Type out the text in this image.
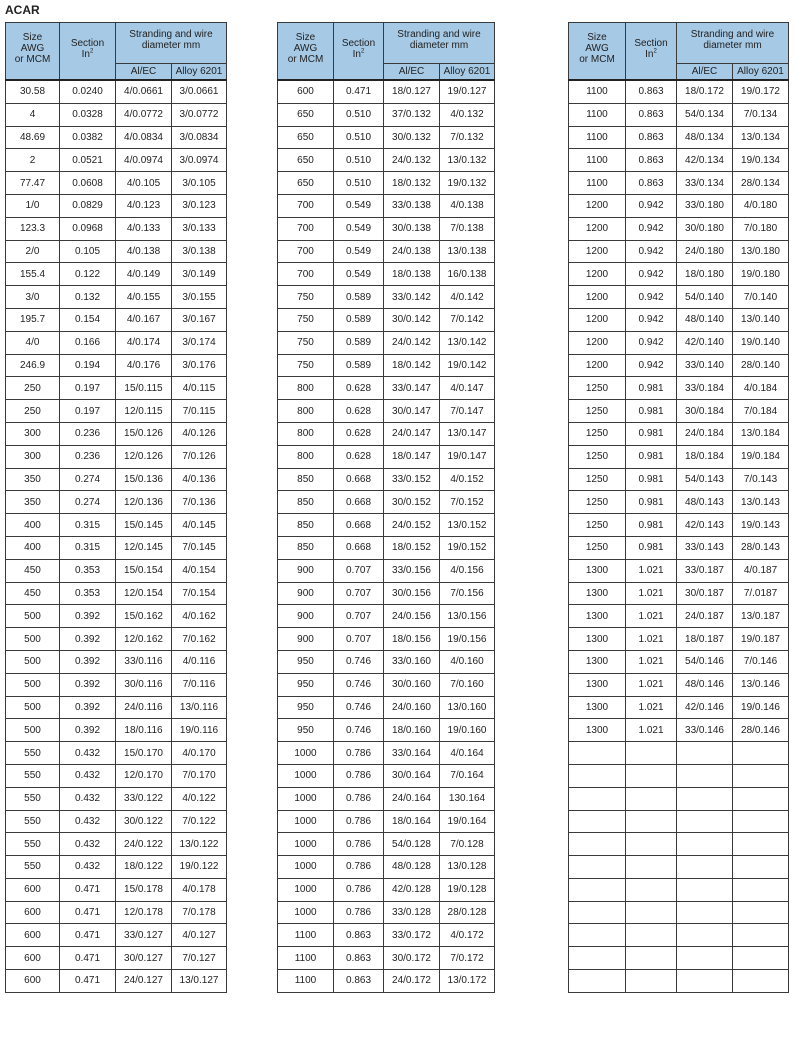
ACAR
Size
AWG
or MCM	Section
In$^2$	Stranding and wire
diameter mm	
		Al/EC	Alloy 6201
30.58	0.0240	4/0.0661	3/0.0661
4	0.0328	4/0.0772	3/0.0772
48.69	0.0382	4/0.0834	3/0.0834
2	0.0521	4/0.0974	3/0.0974
77.47	0.0608	4/0.105	3/0.105
1/0	0.0829	4/0.123	3/0.123
123.3	0.0968	4/0.133	3/0.133
2/0	0.105	4/0.138	3/0.138
155.4	0.122	4/0.149	3/0.149
3/0	0.132	4/0.155	3/0.155
195.7	0.154	4/0.167	3/0.167
4/0	0.166	4/0.174	3/0.174
246.9	0.194	4/0.176	3/0.176
250	0.197	15/0.115	4/0.115
250	0.197	12/0.115	7/0.115
300	0.236	15/0.126	4/0.126
300	0.236	12/0.126	7/0.126
350	0.274	15/0.136	4/0.136
350	0.274	12/0.136	7/0.136
400	0.315	15/0.145	4/0.145
400	0.315	12/0.145	7/0.145
450	0.353	15/0.154	4/0.154
450	0.353	12/0.154	7/0.154
500	0.392	15/0.162	4/0.162
500	0.392	12/0.162	7/0.162
500	0.392	33/0.116	4/0.116
500	0.392	30/0.116	7/0.116
500	0.392	24/0.116	13/0.116
500	0.392	18/0.116	19/0.116
550	0.432	15/0.170	4/0.170
550	0.432	12/0.170	7/0.170
550	0.432	33/0.122	4/0.122
550	0.432	30/0.122	7/0.122
550	0.432	24/0.122	13/0.122
550	0.432	18/0.122	19/0.122
600	0.471	15/0.178	4/0.178
600	0.471	12/0.178	7/0.178
600	0.471	33/0.127	4/0.127
600	0.471	30/0.127	7/0.127
600	0.471	24/0.127	13/0.127
Size
AWG
or MCM	Section
In$^2$	Stranding and wire
diameter mm	
		Al/EC	Alloy 6201
600	0.471	18/0.127	19/0.127
650	0.510	37/0.132	4/0.132
650	0.510	30/0.132	7/0.132
650	0.510	24/0.132	13/0.132
650	0.510	18/0.132	19/0.132
700	0.549	33/0.138	4/0.138
700	0.549	30/0.138	7/0.138
700	0.549	24/0.138	13/0.138
700	0.549	18/0.138	16/0.138
750	0.589	33/0.142	4/0.142
750	0.589	30/0.142	7/0.142
750	0.589	24/0.142	13/0.142
750	0.589	18/0.142	19/0.142
800	0.628	33/0.147	4/0.147
800	0.628	30/0.147	7/0.147
800	0.628	24/0.147	13/0.147
800	0.628	18/0.147	19/0.147
850	0.668	33/0.152	4/0.152
850	0.668	30/0.152	7/0.152
850	0.668	24/0.152	13/0.152
850	0.668	18/0.152	19/0.152
900	0.707	33/0.156	4/0.156
900	0.707	30/0.156	7/0.156
900	0.707	24/0.156	13/0.156
900	0.707	18/0.156	19/0.156
950	0.746	33/0.160	4/0.160
950	0.746	30/0.160	7/0.160
950	0.746	24/0.160	13/0.160
950	0.746	18/0.160	19/0.160
1000	0.786	33/0.164	4/0.164
1000	0.786	30/0.164	7/0.164
1000	0.786	24/0.164	130.164
1000	0.786	18/0.164	19/0.164
1000	0.786	54/0.128	7/0.128
1000	0.786	48/0.128	13/0.128
1000	0.786	42/0.128	19/0.128
1000	0.786	33/0.128	28/0.128
1100	0.863	33/0.172	4/0.172
1100	0.863	30/0.172	7/0.172
1100	0.863	24/0.172	13/0.172
Size
AWG
or MCM	Section
In$^2$	Stranding and wire
diameter mm	
		Al/EC	Alloy 6201
1100	0.863	18/0.172	19/0.172
1100	0.863	54/0.134	7/0.134
1100	0.863	48/0.134	13/0.134
1100	0.863	42/0.134	19/0.134
1100	0.863	33/0.134	28/0.134
1200	0.942	33/0.180	4/0.180
1200	0.942	30/0.180	7/0.180
1200	0.942	24/0.180	13/0.180
1200	0.942	18/0.180	19/0.180
1200	0.942	54/0.140	7/0.140
1200	0.942	48/0.140	13/0.140
1200	0.942	42/0.140	19/0.140
1200	0.942	33/0.140	28/0.140
1250	0.981	33/0.184	4/0.184
1250	0.981	30/0.184	7/0.184
1250	0.981	24/0.184	13/0.184
1250	0.981	18/0.184	19/0.184
1250	0.981	54/0.143	7/0.143
1250	0.981	48/0.143	13/0.143
1250	0.981	42/0.143	19/0.143
1250	0.981	33/0.143	28/0.143
1300	1.021	33/0.187	4/0.187
1300	1.021	30/0.187	7/.0187
1300	1.021	24/0.187	13/0.187
1300	1.021	18/0.187	19/0.187
1300	1.021	54/0.146	7/0.146
1300	1.021	48/0.146	13/0.146
1300	1.021	42/0.146	19/0.146
1300	1.021	33/0.146	28/0.146
